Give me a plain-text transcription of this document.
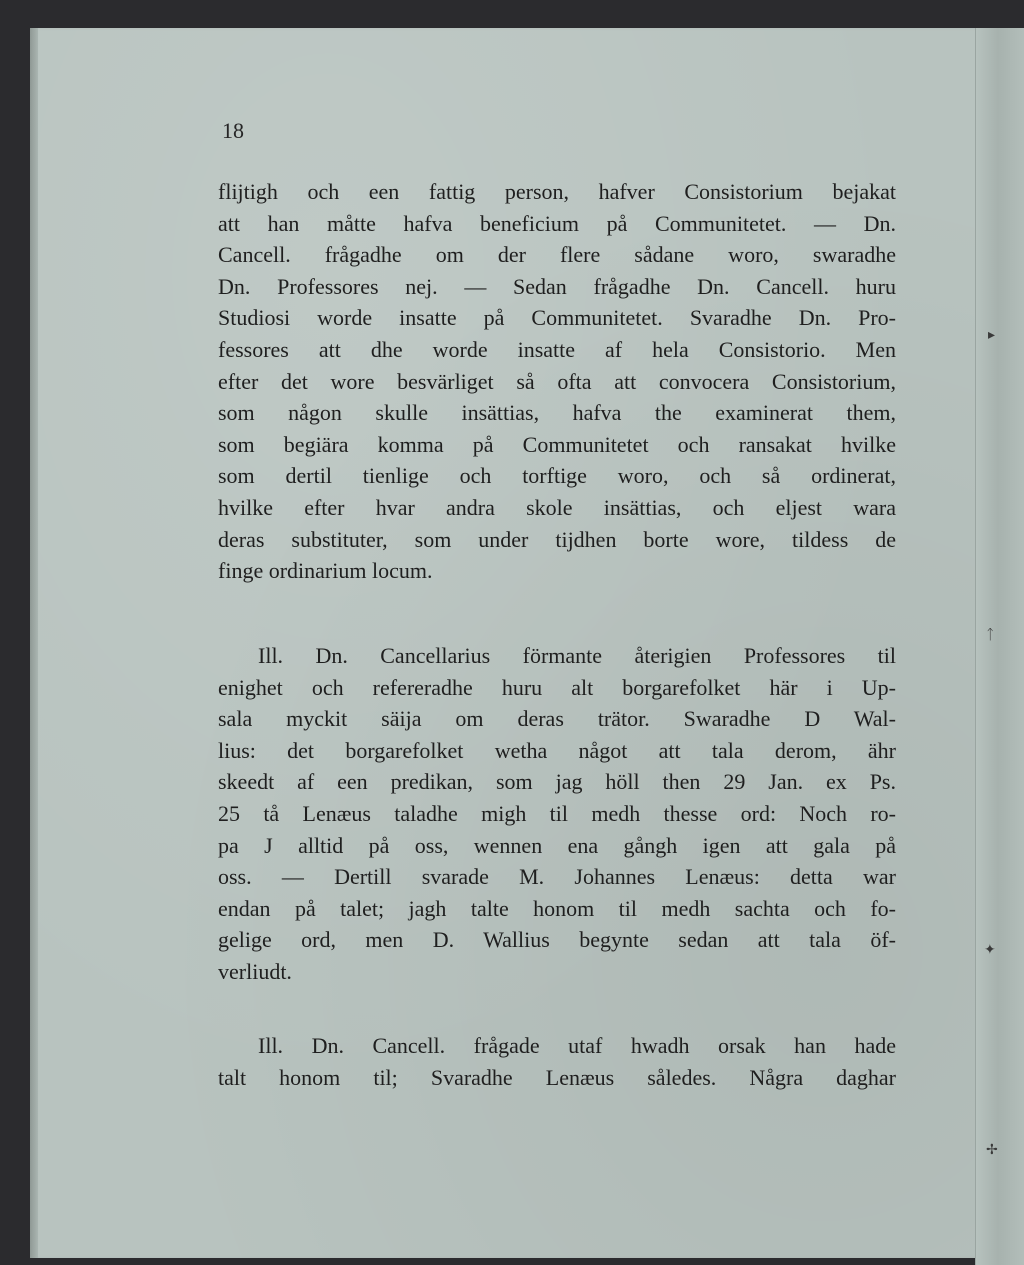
▸
ᛏ
✦
✢
18
flijtigh och een fattig person, hafver Consistorium bejakat
att han måtte hafva beneficium på Communitetet. — Dn.
Cancell. frågadhe om der flere sådane woro, swaradhe
Dn. Professores nej. — Sedan frågadhe Dn. Cancell. huru
Studiosi worde insatte på Communitetet. Svaradhe Dn. Pro-
fessores att dhe worde insatte af hela Consistorio. Men
efter det wore besvärliget så ofta att convocera Consistorium,
som någon skulle insättias, hafva the examinerat them,
som begiära komma på Communitetet och ransakat hvilke
som dertil tienlige och torftige woro, och så ordinerat,
hvilke efter hvar andra skole insättias, och eljest wara
deras substituter, som under tijdhen borte wore, tildess de
finge ordinarium locum.
Ill. Dn. Cancellarius förmante återigien Professores til
enighet och refereradhe huru alt borgarefolket här i Up-
sala myckit säija om deras trätor. Swaradhe D Wal-
lius: det borgarefolket wetha något att tala derom, ähr
skeedt af een predikan, som jag höll then 29 Jan. ex Ps.
25 tå Lenæus taladhe migh til medh thesse ord: Noch ro-
pa J alltid på oss, wennen ena gångh igen att gala på
oss. — Dertill svarade M. Johannes Lenæus: detta war
endan på talet; jagh talte honom til medh sachta och fo-
gelige ord, men D. Wallius begynte sedan att tala öf-
verliudt.
Ill. Dn. Cancell. frågade utaf hwadh orsak han hade
talt honom til; Svaradhe Lenæus således. Några daghar
